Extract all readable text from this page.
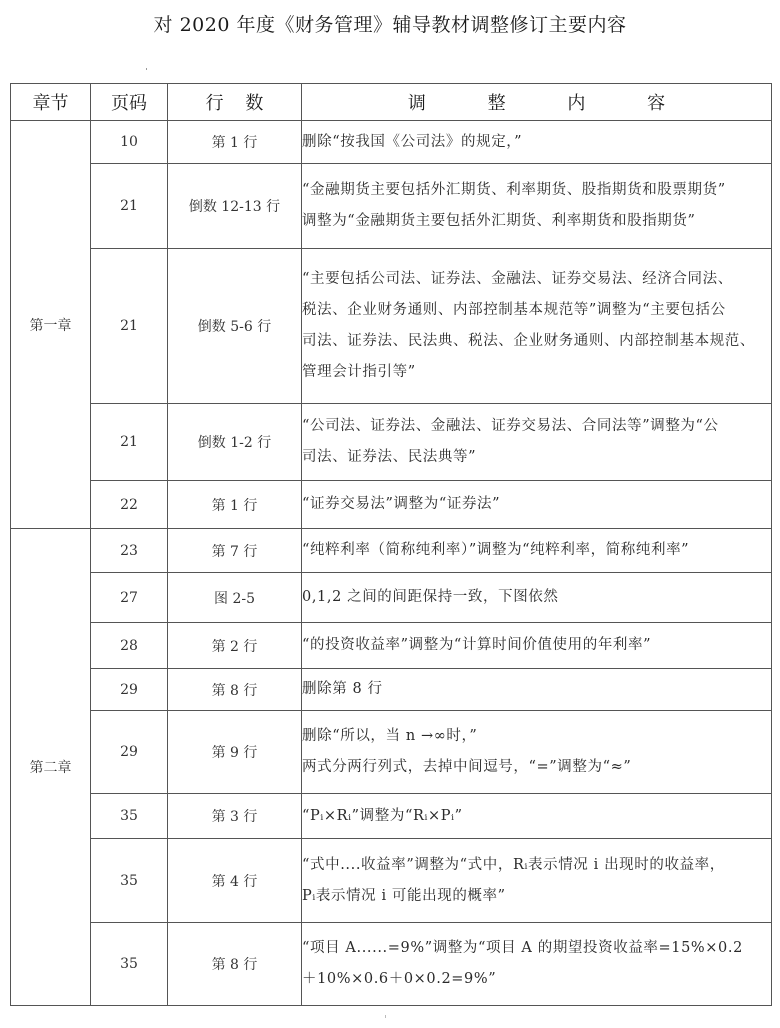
对 2020 年度《财务管理》辅导教材调整修订主要内容
章节	页码	行 数	调 整 内 容
第一章	10	第 1 行	删除“按我国《公司法》的规定，”

	21	倒数 12-13 行	“金融期货主要包括外汇期货、利率期货、股指期货和股票期货”
调整为“金融期货主要包括外汇期货、利率期货和股指期货”

	21	倒数 5-6 行	“主要包括公司法、证券法、金融法、证券交易法、经济合同法、
税法、企业财务通则、内部控制基本规范等”调整为“主要包括公
司法、证券法、民法典、税法、企业财务通则、内部控制基本规范、
管理会计指引等”

	21	倒数 1-2 行	“公司法、证券法、金融法、证券交易法、合同法等”调整为“公
司法、证券法、民法典等”

	22	第 1 行	“证券交易法”调整为“证券法”

第二章	23	第 7 行	“纯粹利率（简称纯利率）”调整为“纯粹利率，简称纯利率”

	27	图 2-5	0,1,2 之间的间距保持一致，下图依然

	28	第 2 行	“的投资收益率”调整为“计算时间价值使用的年利率”

	29	第 8 行	删除第 8 行

	29	第 9 行	删除“所以，当 n →∞时，”
两式分两行列式，去掉中间逗号，“=”调整为“≈”

	35	第 3 行	“Pᵢ×Rᵢ”调整为“Rᵢ×Pᵢ”

	35	第 4 行	“式中....收益率”调整为“式中，Rᵢ表示情况 i 出现时的收益率，
Pᵢ表示情况 i 可能出现的概率”

	35	第 8 行	“项目 A......=9%”调整为“项目 A 的期望投资收益率=15%×0.2
＋10%×0.6＋0×0.2=9%”
